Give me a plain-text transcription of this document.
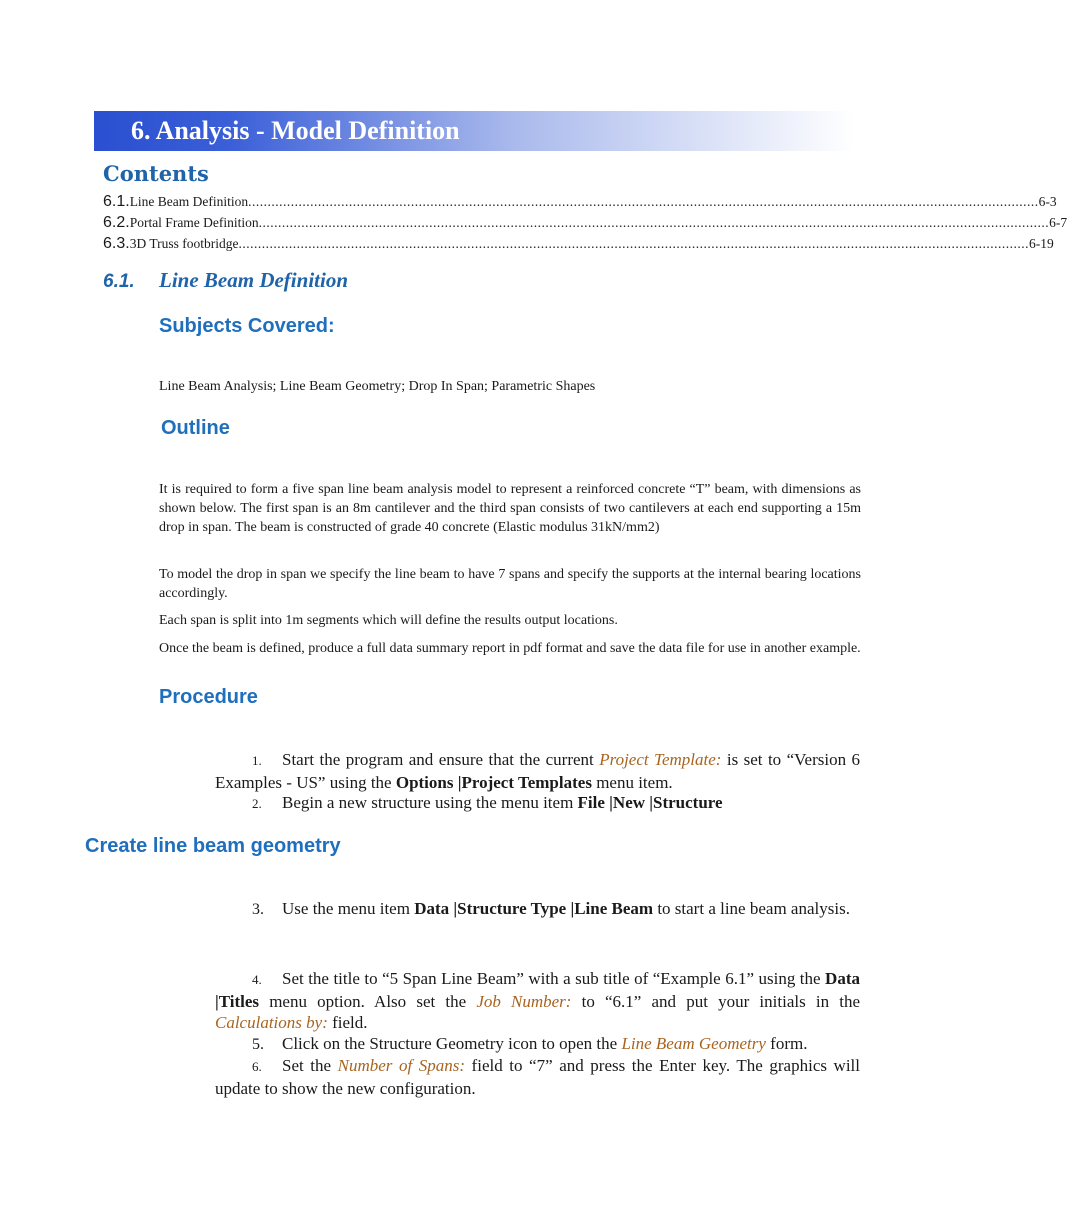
6. Analysis - Model Definition
Contents
6.1. Line Beam Definition ............................................................................................................................................................................................................ 6-3
6.2. Portal Frame Definition ............................................................................................................................................................................................................ 6-7
6.3. 3D Truss footbridge ............................................................................................................................................................................................................ 6-19
6.1. Line Beam Definition
Subjects Covered:
Line Beam Analysis; Line Beam Geometry; Drop In Span; Parametric Shapes
Outline
It is required to form a five span line beam analysis model to represent a reinforced concrete “T” beam, with dimensions as shown below. The first span is an 8m cantilever and the third span consists of two cantilevers at each end supporting a 15m drop in span. The beam is constructed of grade 40 concrete (Elastic modulus 31kN/mm2)
To model the drop in span we specify the line beam to have 7 spans and specify the supports at the internal bearing locations accordingly.
Each span is split into 1m segments which will define the results output locations.
Once the beam is defined, produce a full data summary report in pdf format and save the data file for use in another example.
Procedure
1. Start the program and ensure that the current Project Template: is set to “Version 6 Examples - US” using the Options |Project Templates menu item.
2. Begin a new structure using the menu item File |New |Structure
Create line beam geometry
3. Use the menu item Data |Structure Type |Line Beam to start a line beam analysis.
4. Set the title to “5 Span Line Beam” with a sub title of “Example 6.1” using the Data |Titles menu option. Also set the Job Number: to “6.1” and put your initials in the Calculations by: field.
5. Click on the Structure Geometry icon to open the Line Beam Geometry form.
6. Set the Number of Spans: field to “7” and press the Enter key. The graphics will update to show the new configuration.
